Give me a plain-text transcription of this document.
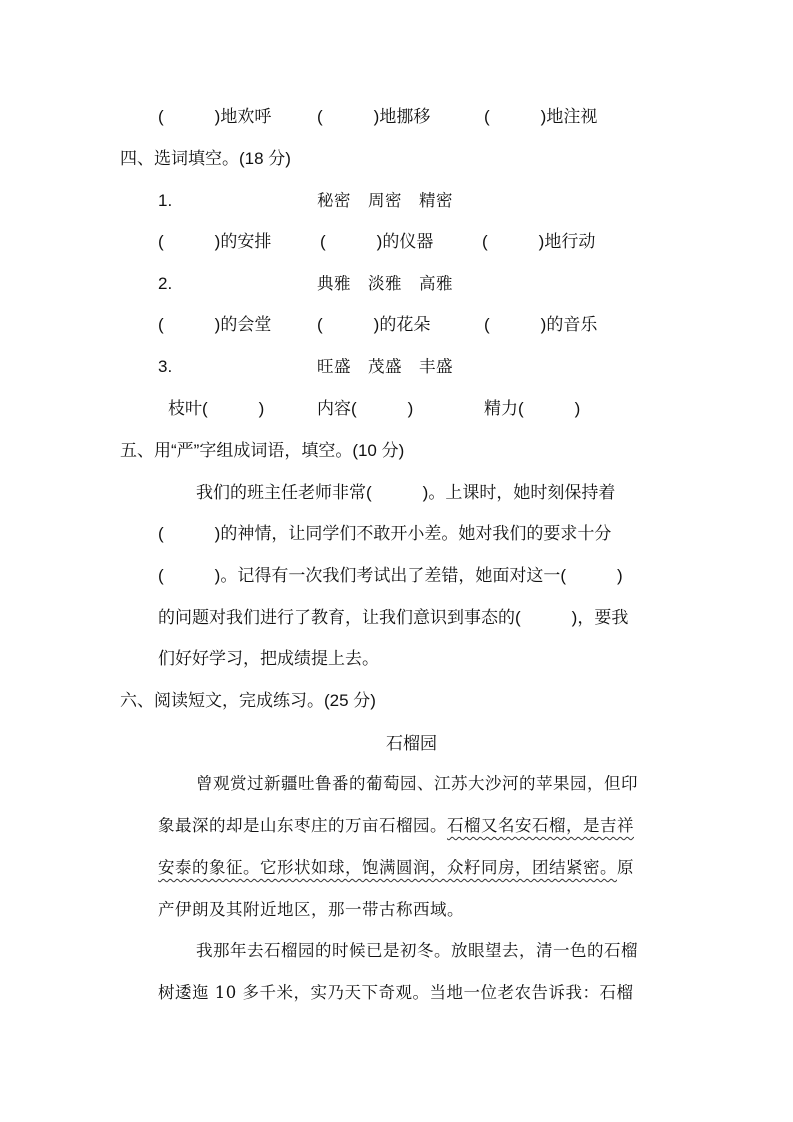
(　　　)地欢呼	(　　　)地挪移	(　　　)地注视
四、选词填空。(18 分)
1.	秘密　周密　精密
(　　　)的安排	(　　　)的仪器	(　　　)地行动
2.	典雅　淡雅　高雅
(　　　)的会堂	(　　　)的花朵	(　　　)的音乐
3.	旺盛　茂盛　丰盛
枝叶(　　　)	内容(　　　)	精力(　　　)
五、用“严”字组成词语，填空。(10 分)
我们的班主任老师非常(　　　)。上课时，她时刻保持着
(　　　)的神情，让同学们不敢开小差。她对我们的要求十分
(　　　)。记得有一次我们考试出了差错，她面对这一(　　　)
的问题对我们进行了教育，让我们意识到事态的(　　　)，要我
们好好学习，把成绩提上去。
六、阅读短文，完成练习。(25 分)
石榴园
曾观赏过新疆吐鲁番的葡萄园、江苏大沙河的苹果园，但印
象最深的却是山东枣庄的万亩石榴园。石榴又名安石榴，是吉祥
安泰的象征。它形状如球，饱满圆润，众籽同房，团结紧密。原
产伊朗及其附近地区，那一带古称西域。
我那年去石榴园的时候已是初冬。放眼望去，清一色的石榴
树逶迤 10 多千米，实乃天下奇观。当地一位老农告诉我：石榴
